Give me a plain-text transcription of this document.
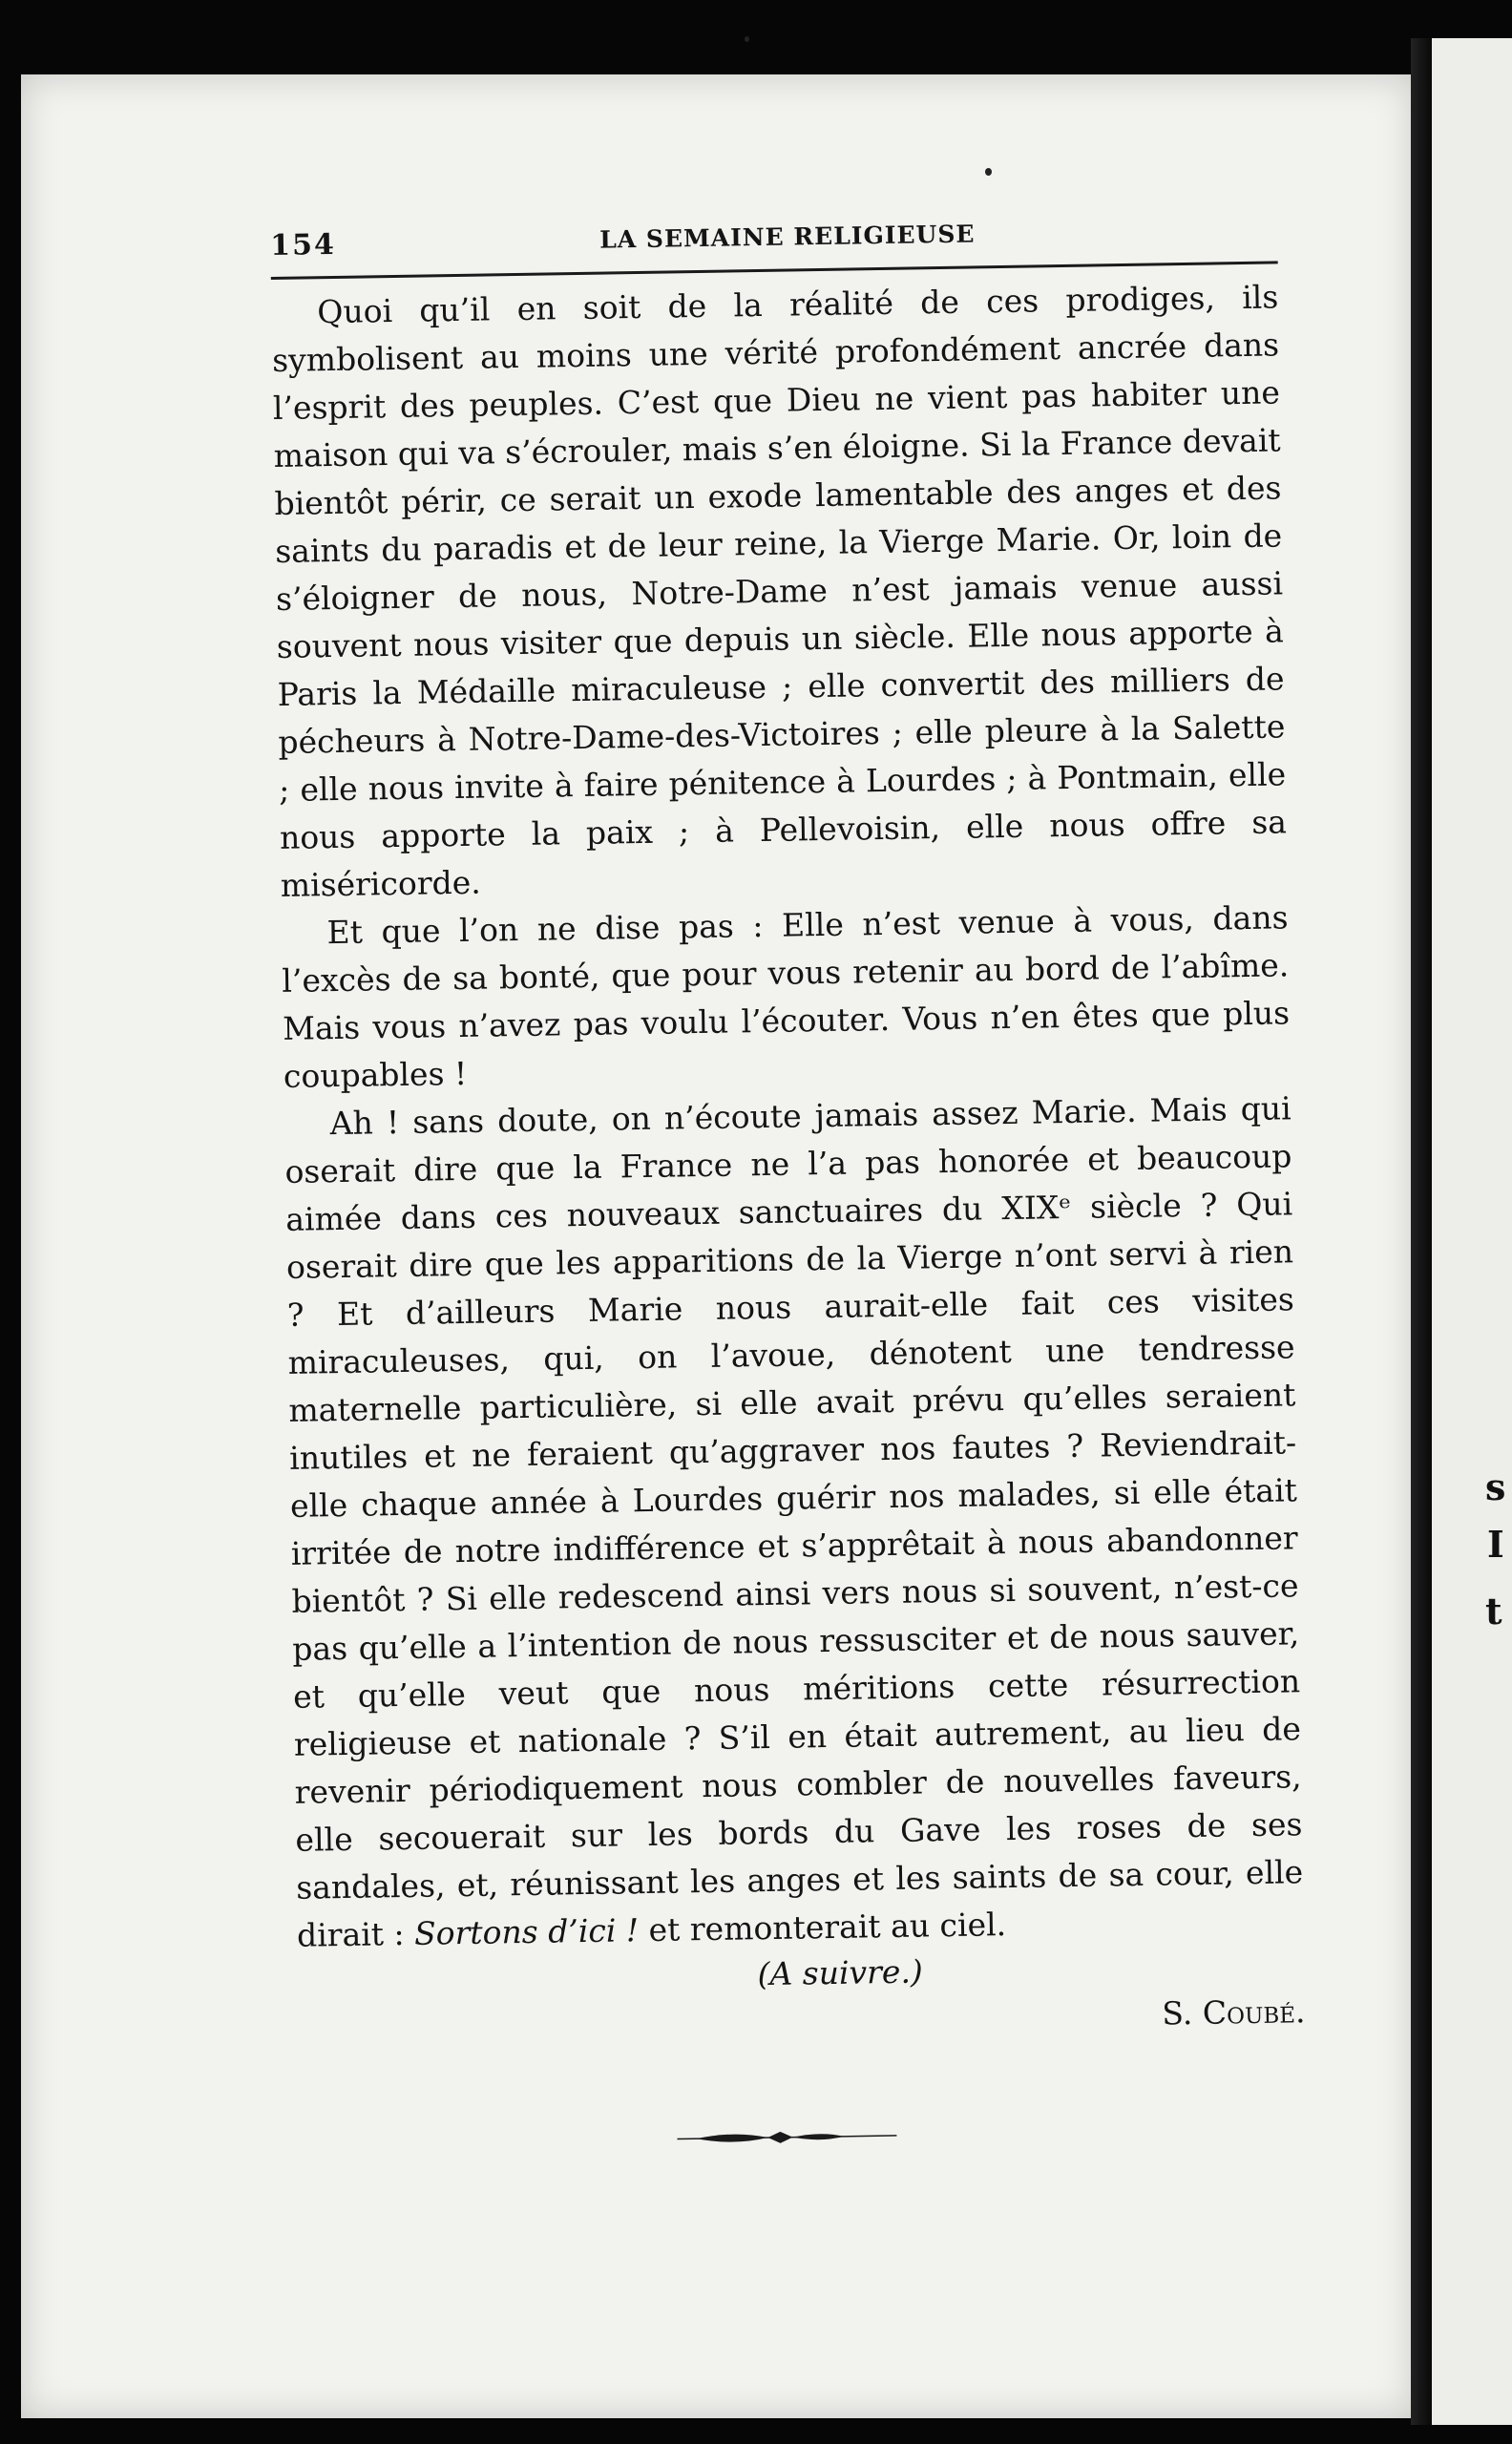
s
I
t
154	LA SEMAINE RELIGIEUSE

Quoi qu’il en soit de la réalité de ces prodiges, ils symbolisent au moins une vérité profondément ancrée dans l’esprit des peuples. C’est que Dieu ne vient pas habiter une maison qui va s’écrouler, mais s’en éloigne. Si la France devait bientôt périr, ce serait un exode lamentable des anges et des saints du paradis et de leur reine, la Vierge Marie. Or, loin de s’éloigner de nous, Notre-Dame n’est jamais venue aussi souvent nous visiter que depuis un siècle. Elle nous apporte à Paris la Médaille miraculeuse ; elle convertit des milliers de pécheurs à Notre-Dame-des-Victoires ; elle pleure à la Salette ; elle nous invite à faire pénitence à Lourdes ; à Pontmain, elle nous apporte la paix ; à Pellevoisin, elle nous offre sa miséricorde.

Et que l’on ne dise pas : Elle n’est venue à vous, dans l’excès de sa bonté, que pour vous retenir au bord de l’abîme. Mais vous n’avez pas voulu l’écouter. Vous n’en êtes que plus coupables !

Ah ! sans doute, on n’écoute jamais assez Marie. Mais qui oserait dire que la France ne l’a pas honorée et beaucoup aimée dans ces nouveaux sanctuaires du XIXᵉ siècle ? Qui oserait dire que les apparitions de la Vierge n’ont servi à rien ? Et d’ailleurs Marie nous aurait-elle fait ces visites miraculeuses, qui, on l’avoue, dénotent une tendresse maternelle particulière, si elle avait prévu qu’elles seraient inutiles et ne feraient qu’aggraver nos fautes ? Reviendrait-elle chaque année à Lourdes guérir nos malades, si elle était irritée de notre indifférence et s’apprêtait à nous abandonner bientôt ? Si elle redescend ainsi vers nous si souvent, n’est-ce pas qu’elle a l’intention de nous ressusciter et de nous sauver, et qu’elle veut que nous méritions cette résurrection religieuse et nationale ? S’il en était autrement, au lieu de revenir périodiquement nous combler de nouvelles faveurs, elle secouerait sur les bords du Gave les roses de ses sandales, et, réunissant les anges et les saints de sa cour, elle dirait : Sortons d’ici ! et remonterait au ciel.

(A suivre.)
S. Coubé.
